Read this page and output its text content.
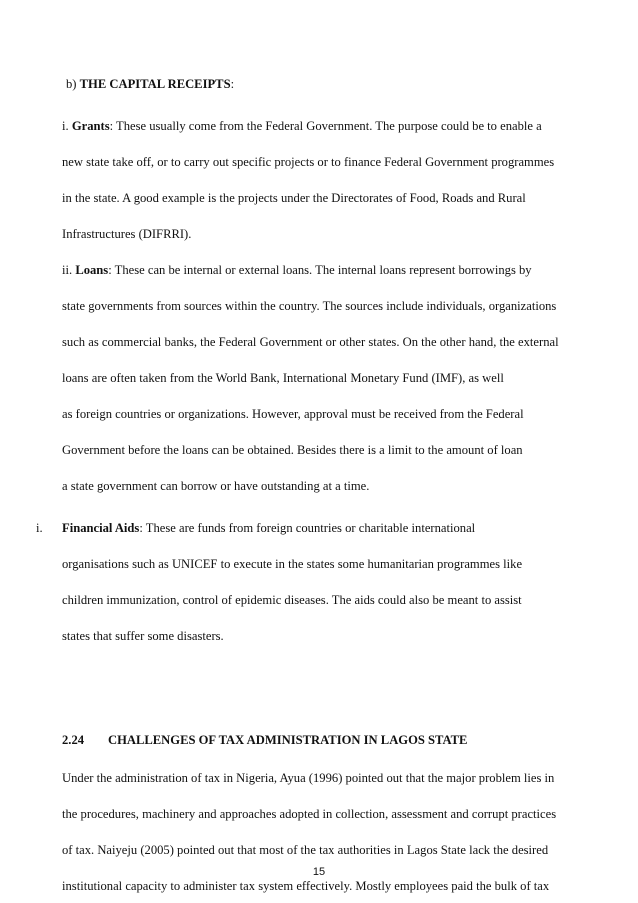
b) THE CAPITAL RECEIPTS:
i. Grants: These usually come from the Federal Government. The purpose could be to enable a
new state take off, or to carry out specific projects or to finance Federal Government programmes
in the state. A good example is the projects under the Directorates of Food, Roads and Rural
Infrastructures (DIFRRI).
ii. Loans: These can be internal or external loans. The internal loans represent borrowings by
state governments from sources within the country. The sources include individuals, organizations
such as commercial banks, the Federal Government or other states. On the other hand, the external
loans are often taken from the World Bank, International Monetary Fund (IMF), as well
as foreign countries or organizations. However, approval must be received from the Federal
Government before the loans can be obtained. Besides there is a limit to the amount of loan
a state government can borrow or have outstanding at a time.
i. Financial Aids: These are funds from foreign countries or charitable international
organisations such as UNICEF to execute in the states some humanitarian programmes like
children immunization, control of epidemic diseases. The aids could also be meant to assist
states that suffer some disasters.
2.24 CHALLENGES OF TAX ADMINISTRATION IN LAGOS STATE
Under the administration of tax in Nigeria, Ayua (1996) pointed out that the major problem lies in
the procedures, machinery and approaches adopted in collection, assessment and corrupt practices
of tax. Naiyeju (2005) pointed out that most of the tax authorities in Lagos State lack the desired
institutional capacity to administer tax system effectively. Mostly employees paid the bulk of tax
15
